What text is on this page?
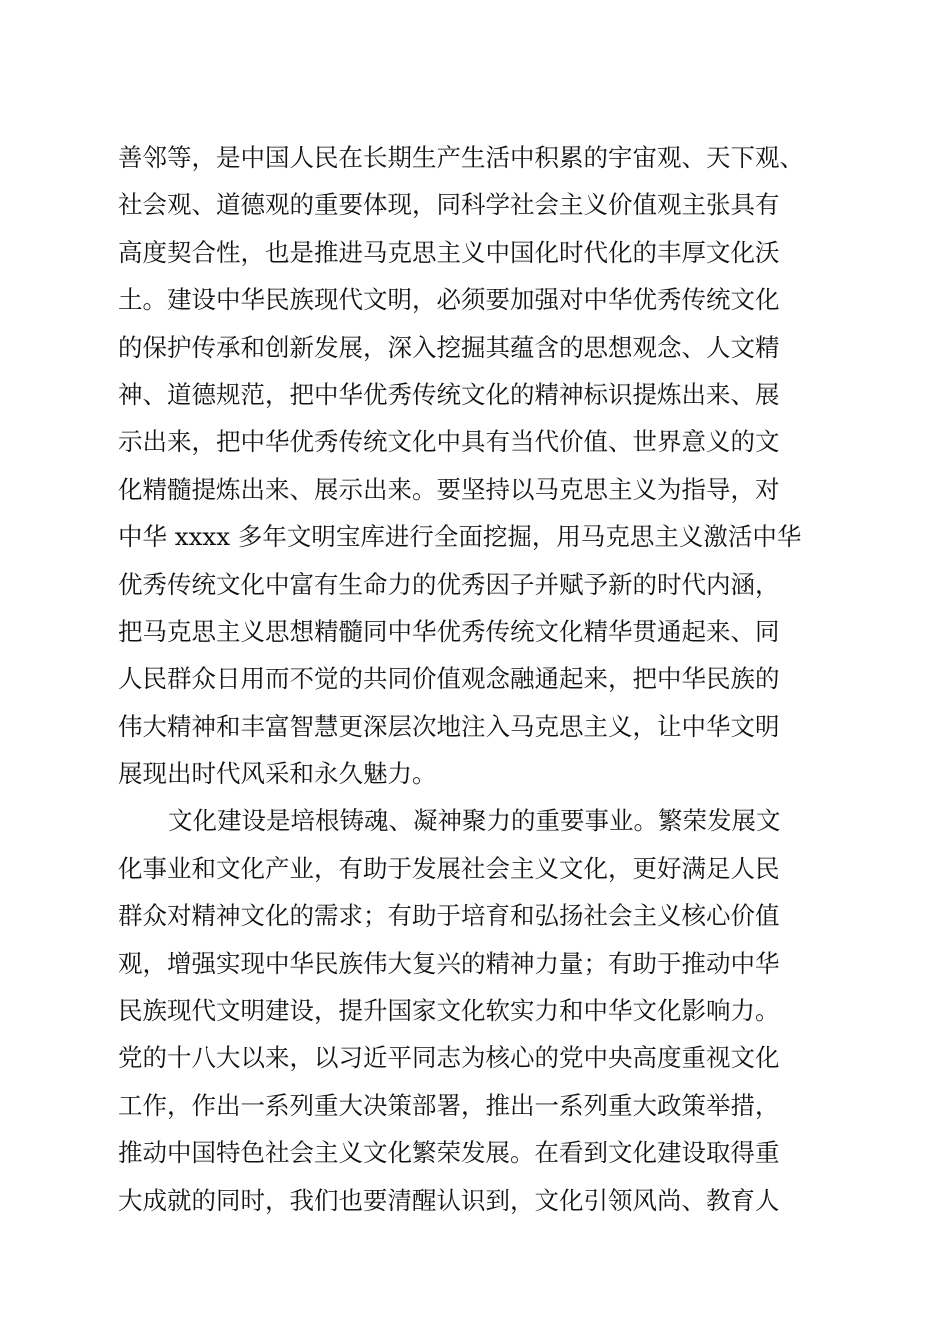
善邻等，是中国人民在长期生产生活中积累的宇宙观、天下观、
社会观、道德观的重要体现，同科学社会主义价值观主张具有
高度契合性，也是推进马克思主义中国化时代化的丰厚文化沃
土。建设中华民族现代文明，必须要加强对中华优秀传统文化
的保护传承和创新发展，深入挖掘其蕴含的思想观念、人文精
神、道德规范，把中华优秀传统文化的精神标识提炼出来、展
示出来，把中华优秀传统文化中具有当代价值、世界意义的文
化精髓提炼出来、展示出来。要坚持以马克思主义为指导，对
中华 xxxx 多年文明宝库进行全面挖掘，用马克思主义激活中华
优秀传统文化中富有生命力的优秀因子并赋予新的时代内涵，
把马克思主义思想精髓同中华优秀传统文化精华贯通起来、同
人民群众日用而不觉的共同价值观念融通起来，把中华民族的
伟大精神和丰富智慧更深层次地注入马克思主义，让中华文明
展现出时代风采和永久魅力。
文化建设是培根铸魂、凝神聚力的重要事业。繁荣发展文
化事业和文化产业，有助于发展社会主义文化，更好满足人民
群众对精神文化的需求；有助于培育和弘扬社会主义核心价值
观，增强实现中华民族伟大复兴的精神力量；有助于推动中华
民族现代文明建设，提升国家文化软实力和中华文化影响力。
党的十八大以来，以习近平同志为核心的党中央高度重视文化
工作，作出一系列重大决策部署，推出一系列重大政策举措，
推动中国特色社会主义文化繁荣发展。在看到文化建设取得重
大成就的同时，我们也要清醒认识到，文化引领风尚、教育人
